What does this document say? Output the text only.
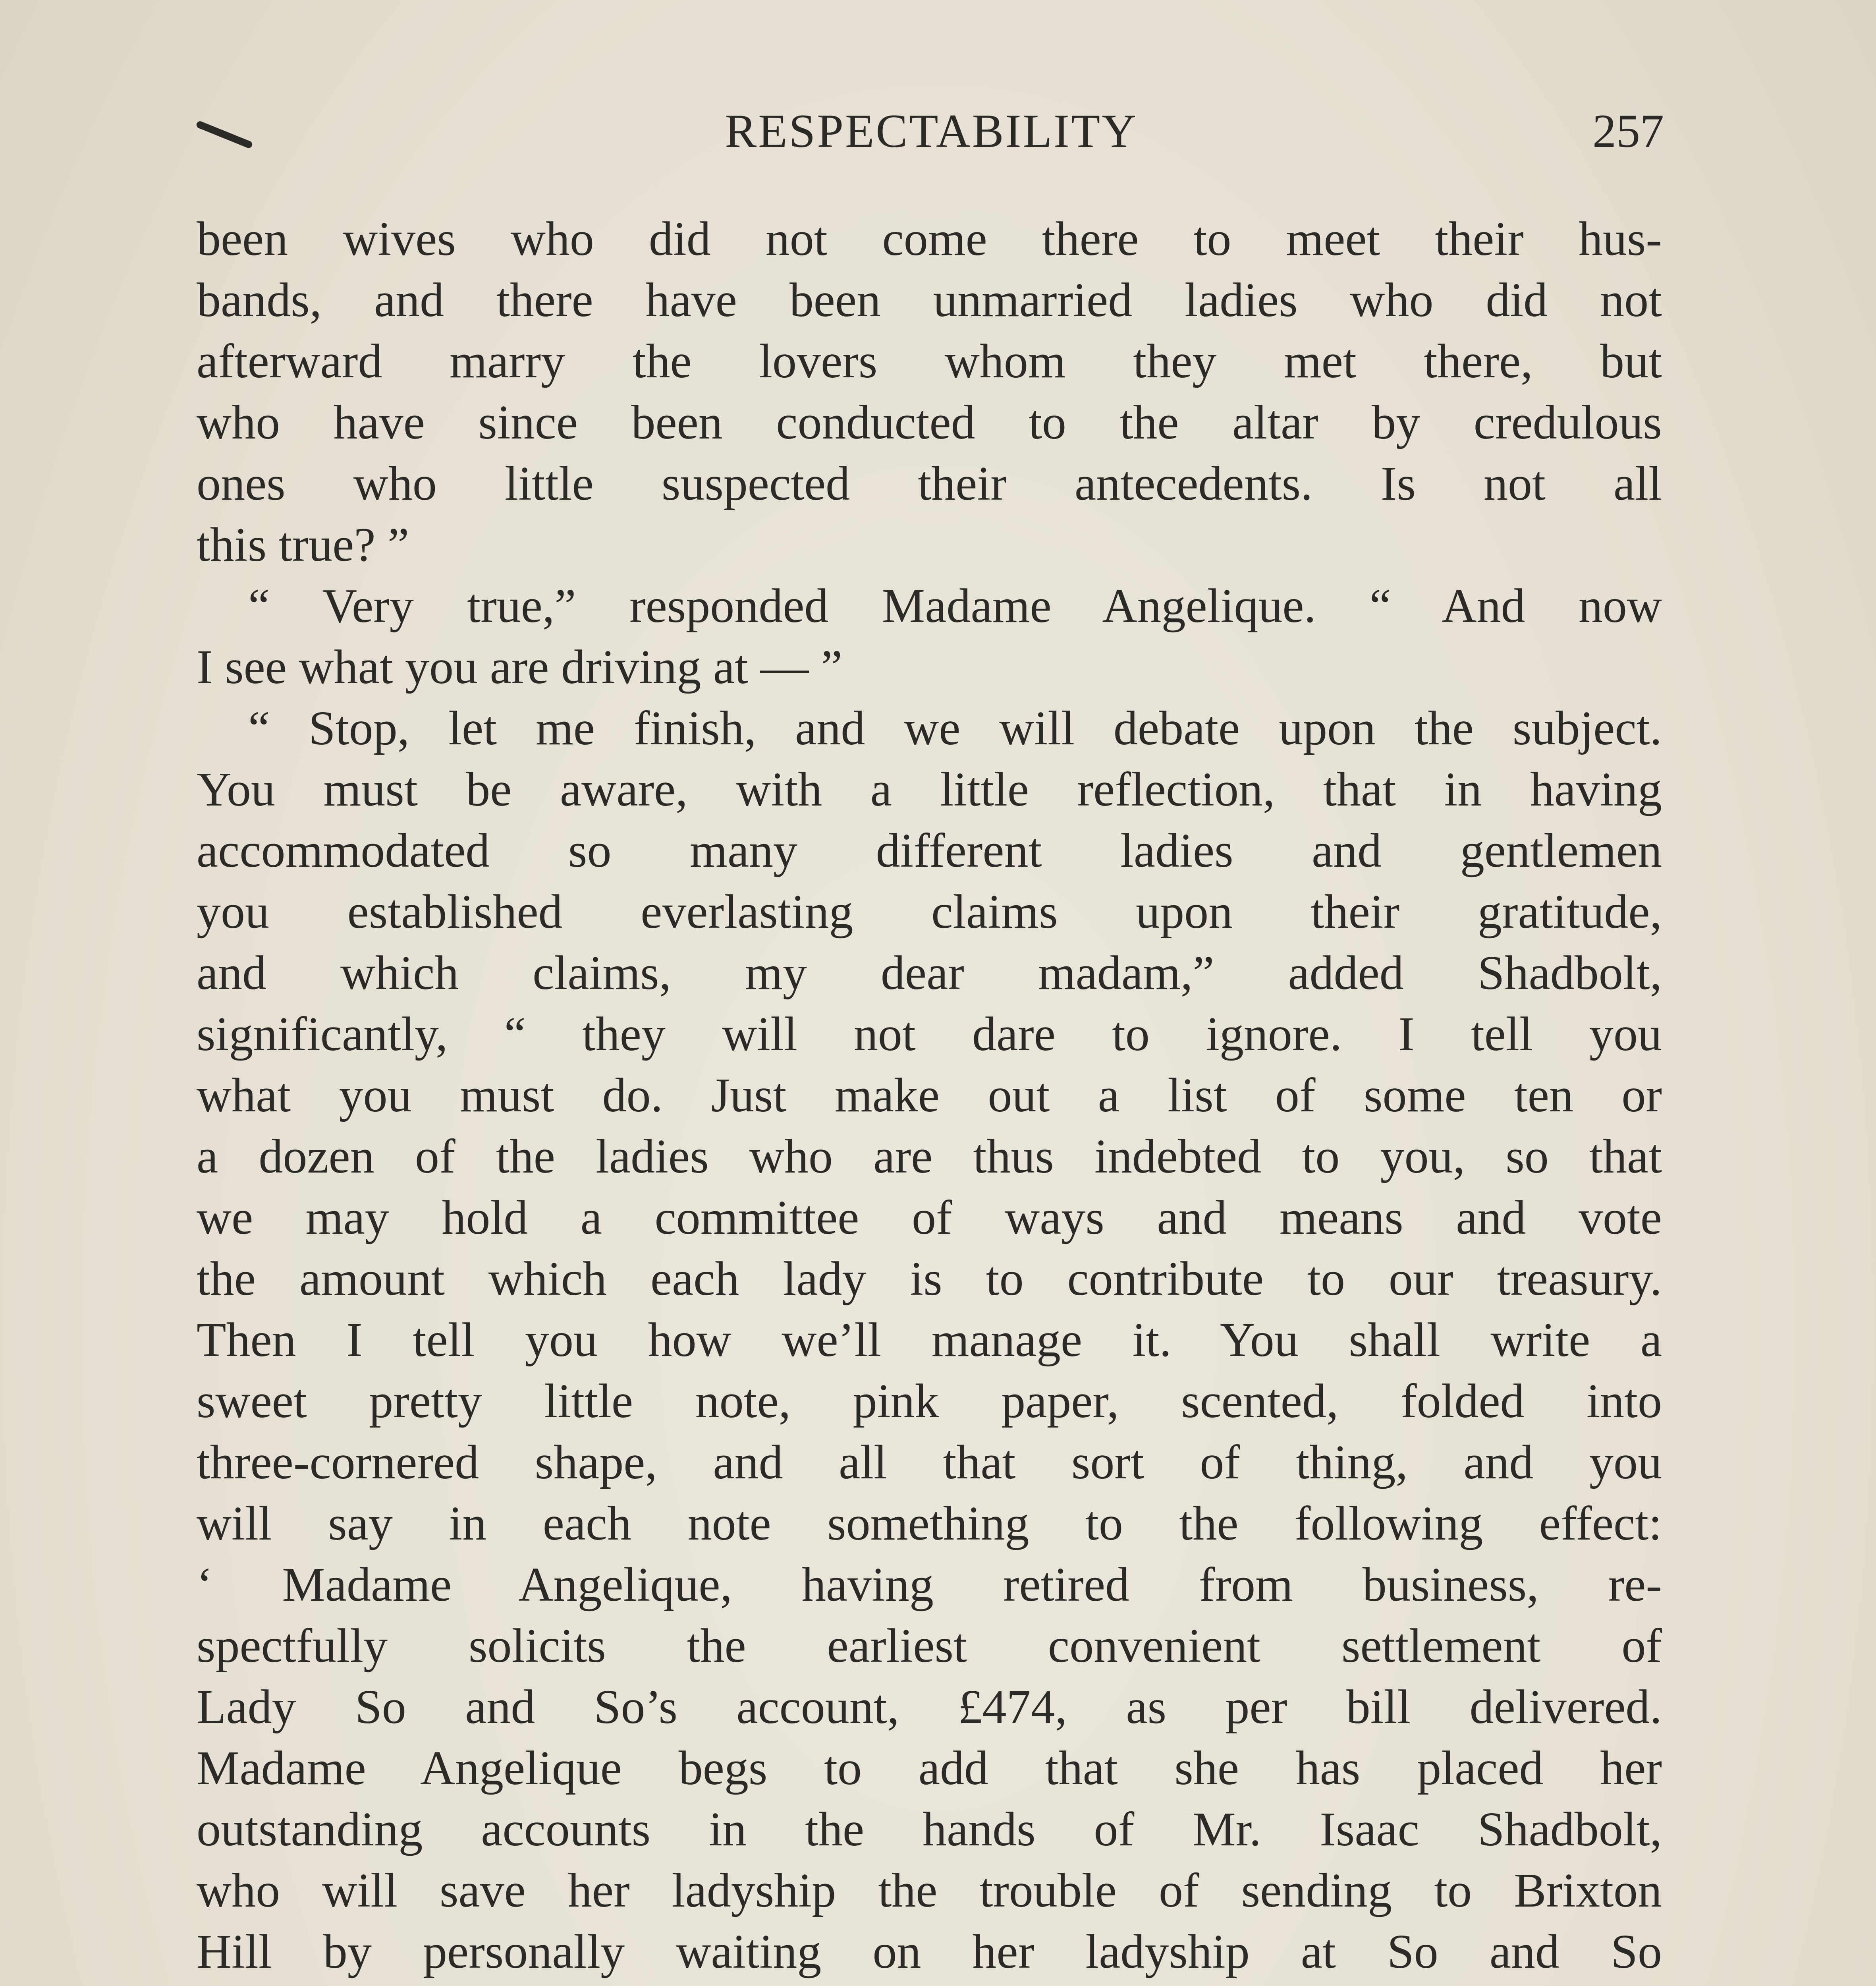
RESPECTABILITY	257
been wives who did not come there to meet their hus-
bands, and there have been unmarried ladies who did not
afterward marry the lovers whom they met there, but
who have since been conducted to the altar by credulous
ones who little suspected their antecedents. Is not all
this true? ”
“ Very true,” responded Madame Angelique. “ And now
I see what you are driving at — ”
“ Stop, let me finish, and we will debate upon the subject.
You must be aware, with a little reflection, that in having
accommodated so many different ladies and gentlemen
you established everlasting claims upon their gratitude,
and which claims, my dear madam,” added Shadbolt,
significantly, “ they will not dare to ignore. I tell you
what you must do. Just make out a list of some ten or
a dozen of the ladies who are thus indebted to you, so that
we may hold a committee of ways and means and vote
the amount which each lady is to contribute to our treasury.
Then I tell you how we’ll manage it. You shall write a
sweet pretty little note, pink paper, scented, folded into
three-cornered shape, and all that sort of thing, and you
will say in each note something to the following effect:
‘ Madame Angelique, having retired from business, re-
spectfully solicits the earliest convenient settlement of
Lady So and So’s account, £474, as per bill delivered.
Madame Angelique begs to add that she has placed her
outstanding accounts in the hands of Mr. Isaac Shadbolt,
who will save her ladyship the trouble of sending to Brixton
Hill by personally waiting on her ladyship at So and So
